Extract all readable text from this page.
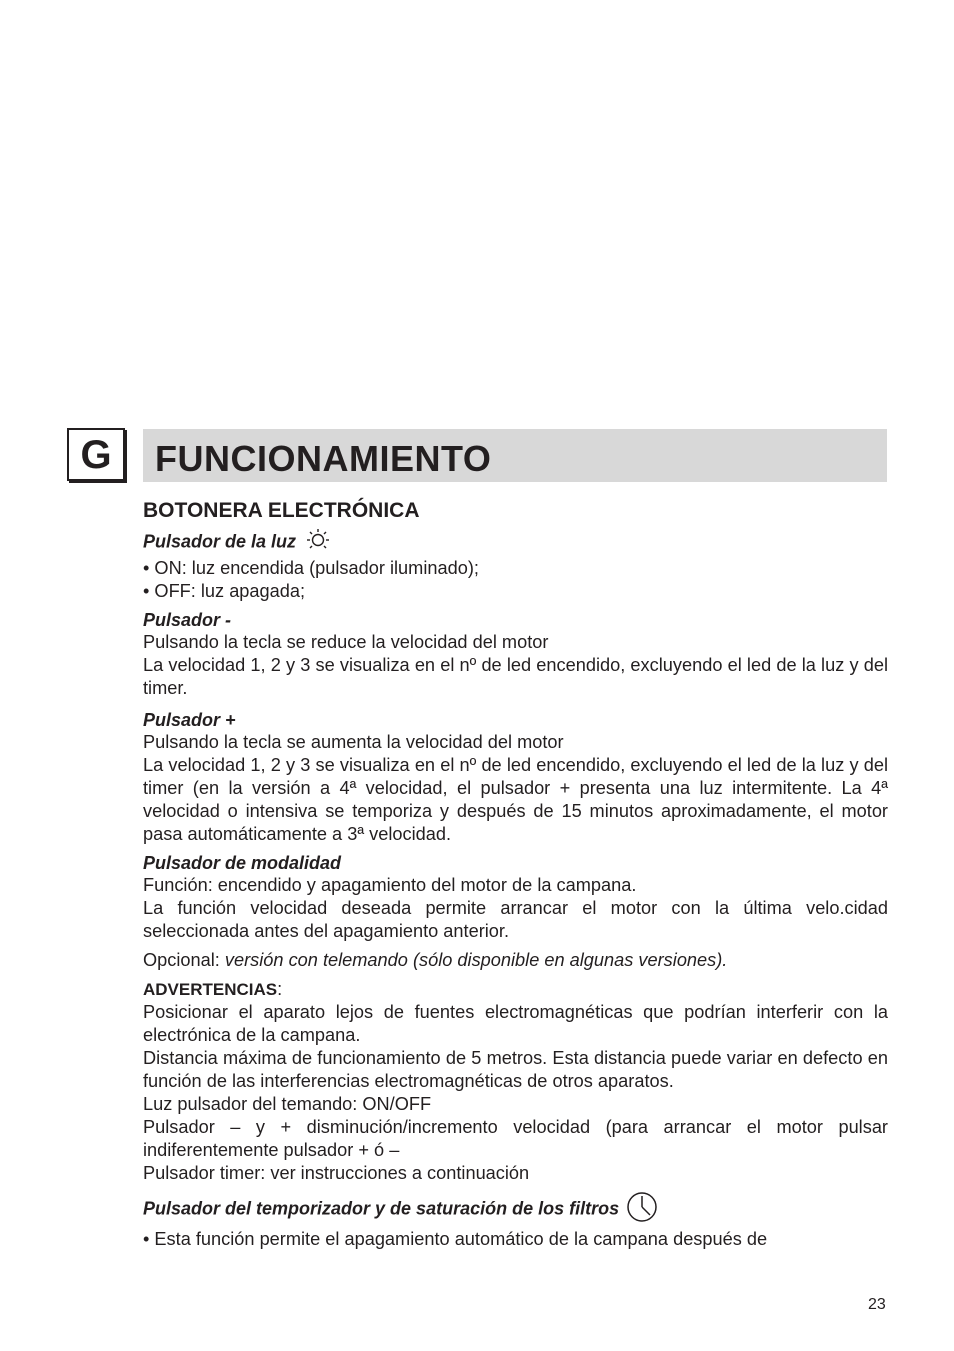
G FUNCIONAMIENTO
BOTONERA ELECTRÓNICA
Pulsador de la luz
• ON: luz encendida (pulsador iluminado);
• OFF: luz apagada;
Pulsador -
Pulsando la tecla se reduce la velocidad del motor
La velocidad 1, 2 y 3 se visualiza en el nº de led encendido, excluyendo el led de la luz y del timer.
Pulsador +
Pulsando la tecla se aumenta la velocidad del motor
La velocidad 1, 2 y 3 se visualiza en el nº de led encendido, excluyendo el led de la luz y del timer (en la versión a 4ª velocidad, el pulsador + presenta una luz intermitente. La 4ª velocidad o intensiva se temporiza y después de 15 minutos aproximadamente, el motor pasa automáticamente a 3ª velocidad.
Pulsador de modalidad
Función: encendido y apagamiento del motor de la campana.
La función velocidad deseada permite arrancar el motor con la última velo.cidad seleccionada antes del apagamiento anterior.
Opcional: versión con telemando (sólo disponible en algunas versiones).
ADVERTENCIAS:
Posicionar el aparato lejos de fuentes electromagnéticas que podrían interferir con la electrónica de la campana.
Distancia máxima de funcionamiento de 5 metros. Esta distancia puede variar en defecto en función de las interferencias electromagnéticas de otros aparatos.
Luz pulsador del temando: ON/OFF
Pulsador – y + disminución/incremento velocidad (para arrancar el motor pulsar indiferentemente pulsador + ó –
Pulsador timer: ver instrucciones a continuación
Pulsador del temporizador y de saturación de los filtros
• Esta función permite el apagamiento automático de la campana después de
23
